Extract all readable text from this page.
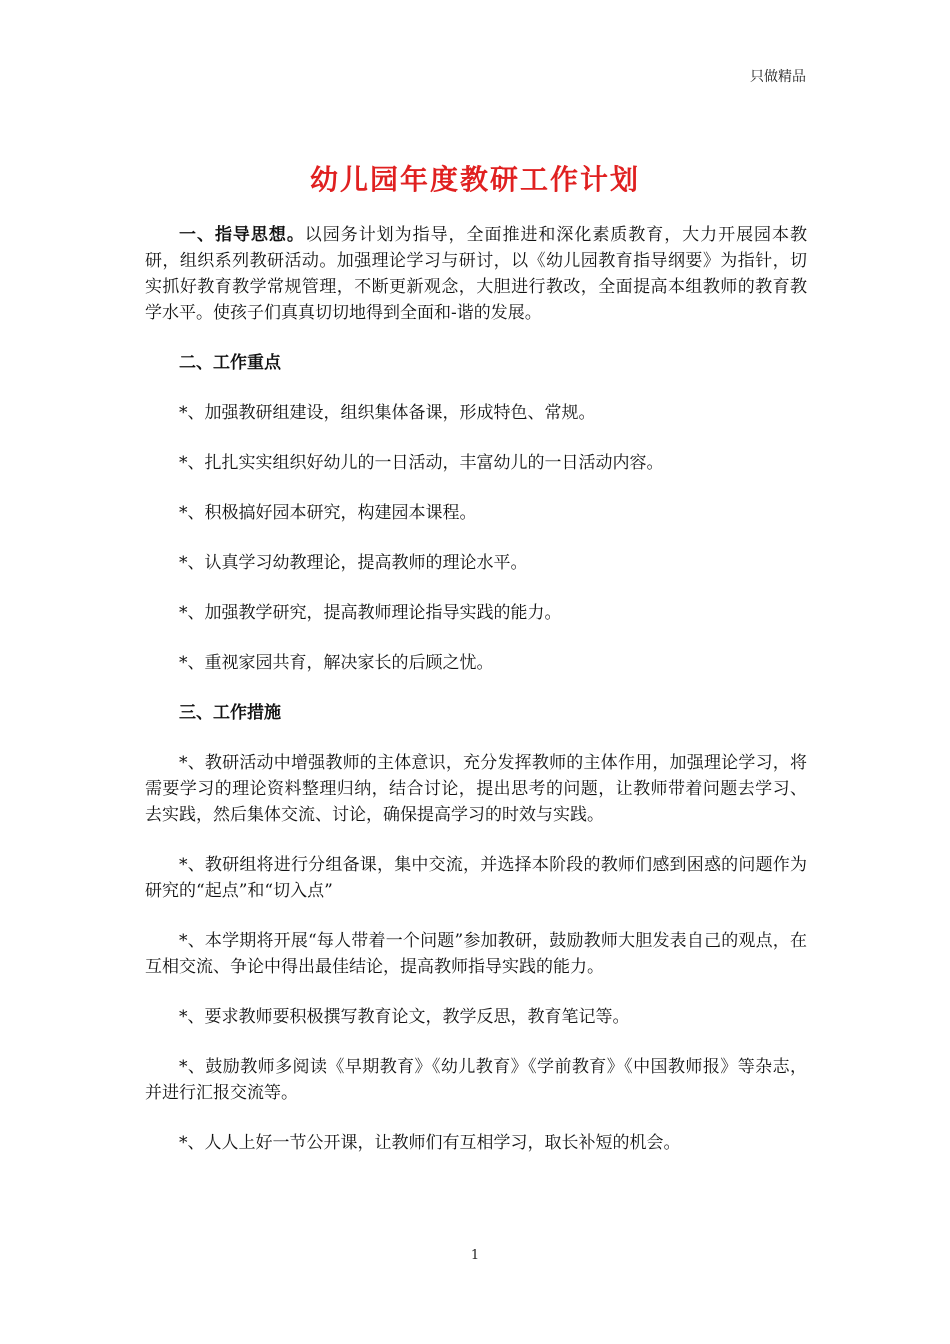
只做精品
幼儿园年度教研工作计划

一、指导思想。以园务计划为指导，全面推进和深化素质教育，大力开展园本教研，组织系列教研活动。加强理论学习与研讨，以《幼儿园教育指导纲要》为指针，切实抓好教育教学常规管理，不断更新观念，大胆进行教改，全面提高本组教师的教育教学水平。使孩子们真真切切地得到全面和-谐的发展。

二、工作重点

*、加强教研组建设，组织集体备课，形成特色、常规。

*、扎扎实实组织好幼儿的一日活动，丰富幼儿的一日活动内容。

*、积极搞好园本研究，构建园本课程。

*、认真学习幼教理论，提高教师的理论水平。

*、加强教学研究，提高教师理论指导实践的能力。

*、重视家园共育，解决家长的后顾之忧。

三、工作措施

*、教研活动中增强教师的主体意识，充分发挥教师的主体作用，加强理论学习，将需要学习的理论资料整理归纳，结合讨论，提出思考的问题，让教师带着问题去学习、去实践，然后集体交流、讨论，确保提高学习的时效与实践。

*、教研组将进行分组备课，集中交流，并选择本阶段的教师们感到困惑的问题作为研究的“起点”和“切入点”

*、本学期将开展“每人带着一个问题”参加教研，鼓励教师大胆发表自己的观点，在互相交流、争论中得出最佳结论，提高教师指导实践的能力。

*、要求教师要积极撰写教育论文，教学反思，教育笔记等。

*、鼓励教师多阅读《早期教育》《幼儿教育》《学前教育》《中国教师报》等杂志，并进行汇报交流等。

*、人人上好一节公开课，让教师们有互相学习，取长补短的机会。

1
